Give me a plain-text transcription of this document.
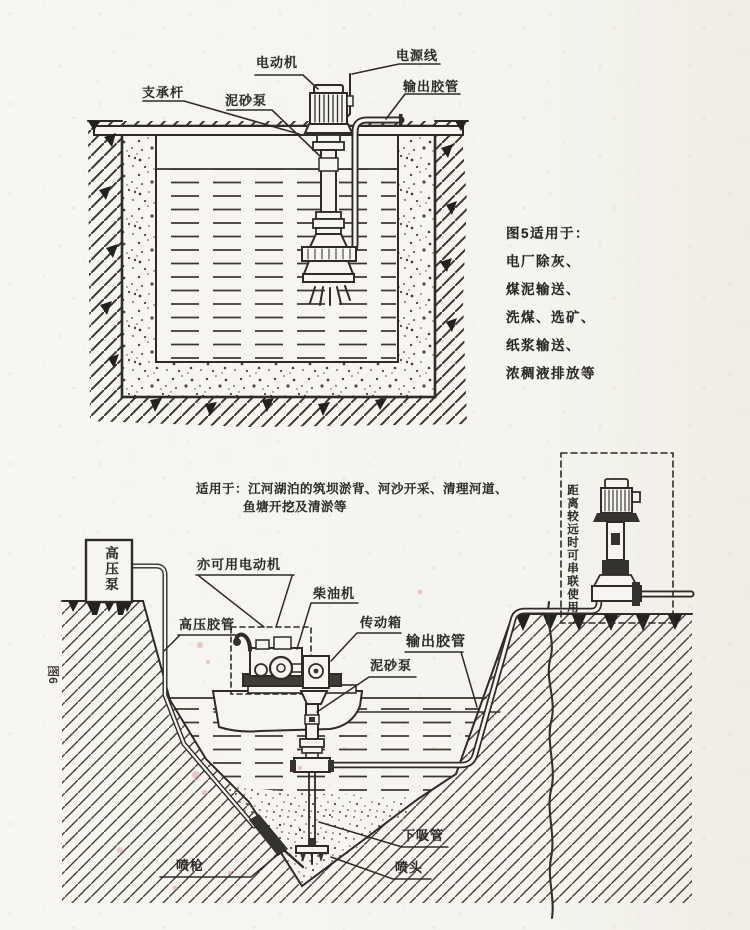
电动机	电源线
支承杆
泥砂泵
输出胶管
图5适用于：
电厂除灰、
煤泥输送、
洗煤、选矿、
纸浆输送、
浓稠液排放等
适用于：江河湖泊的筑坝淤背、河沙开采、清理河道、
鱼塘开挖及清淤等
高压泵	亦可用电动机
柴油机
传动箱
输出胶管
高压胶管
泥砂泵
下吸管
喷头
喷枪
距离较远时可串联使用
图6
